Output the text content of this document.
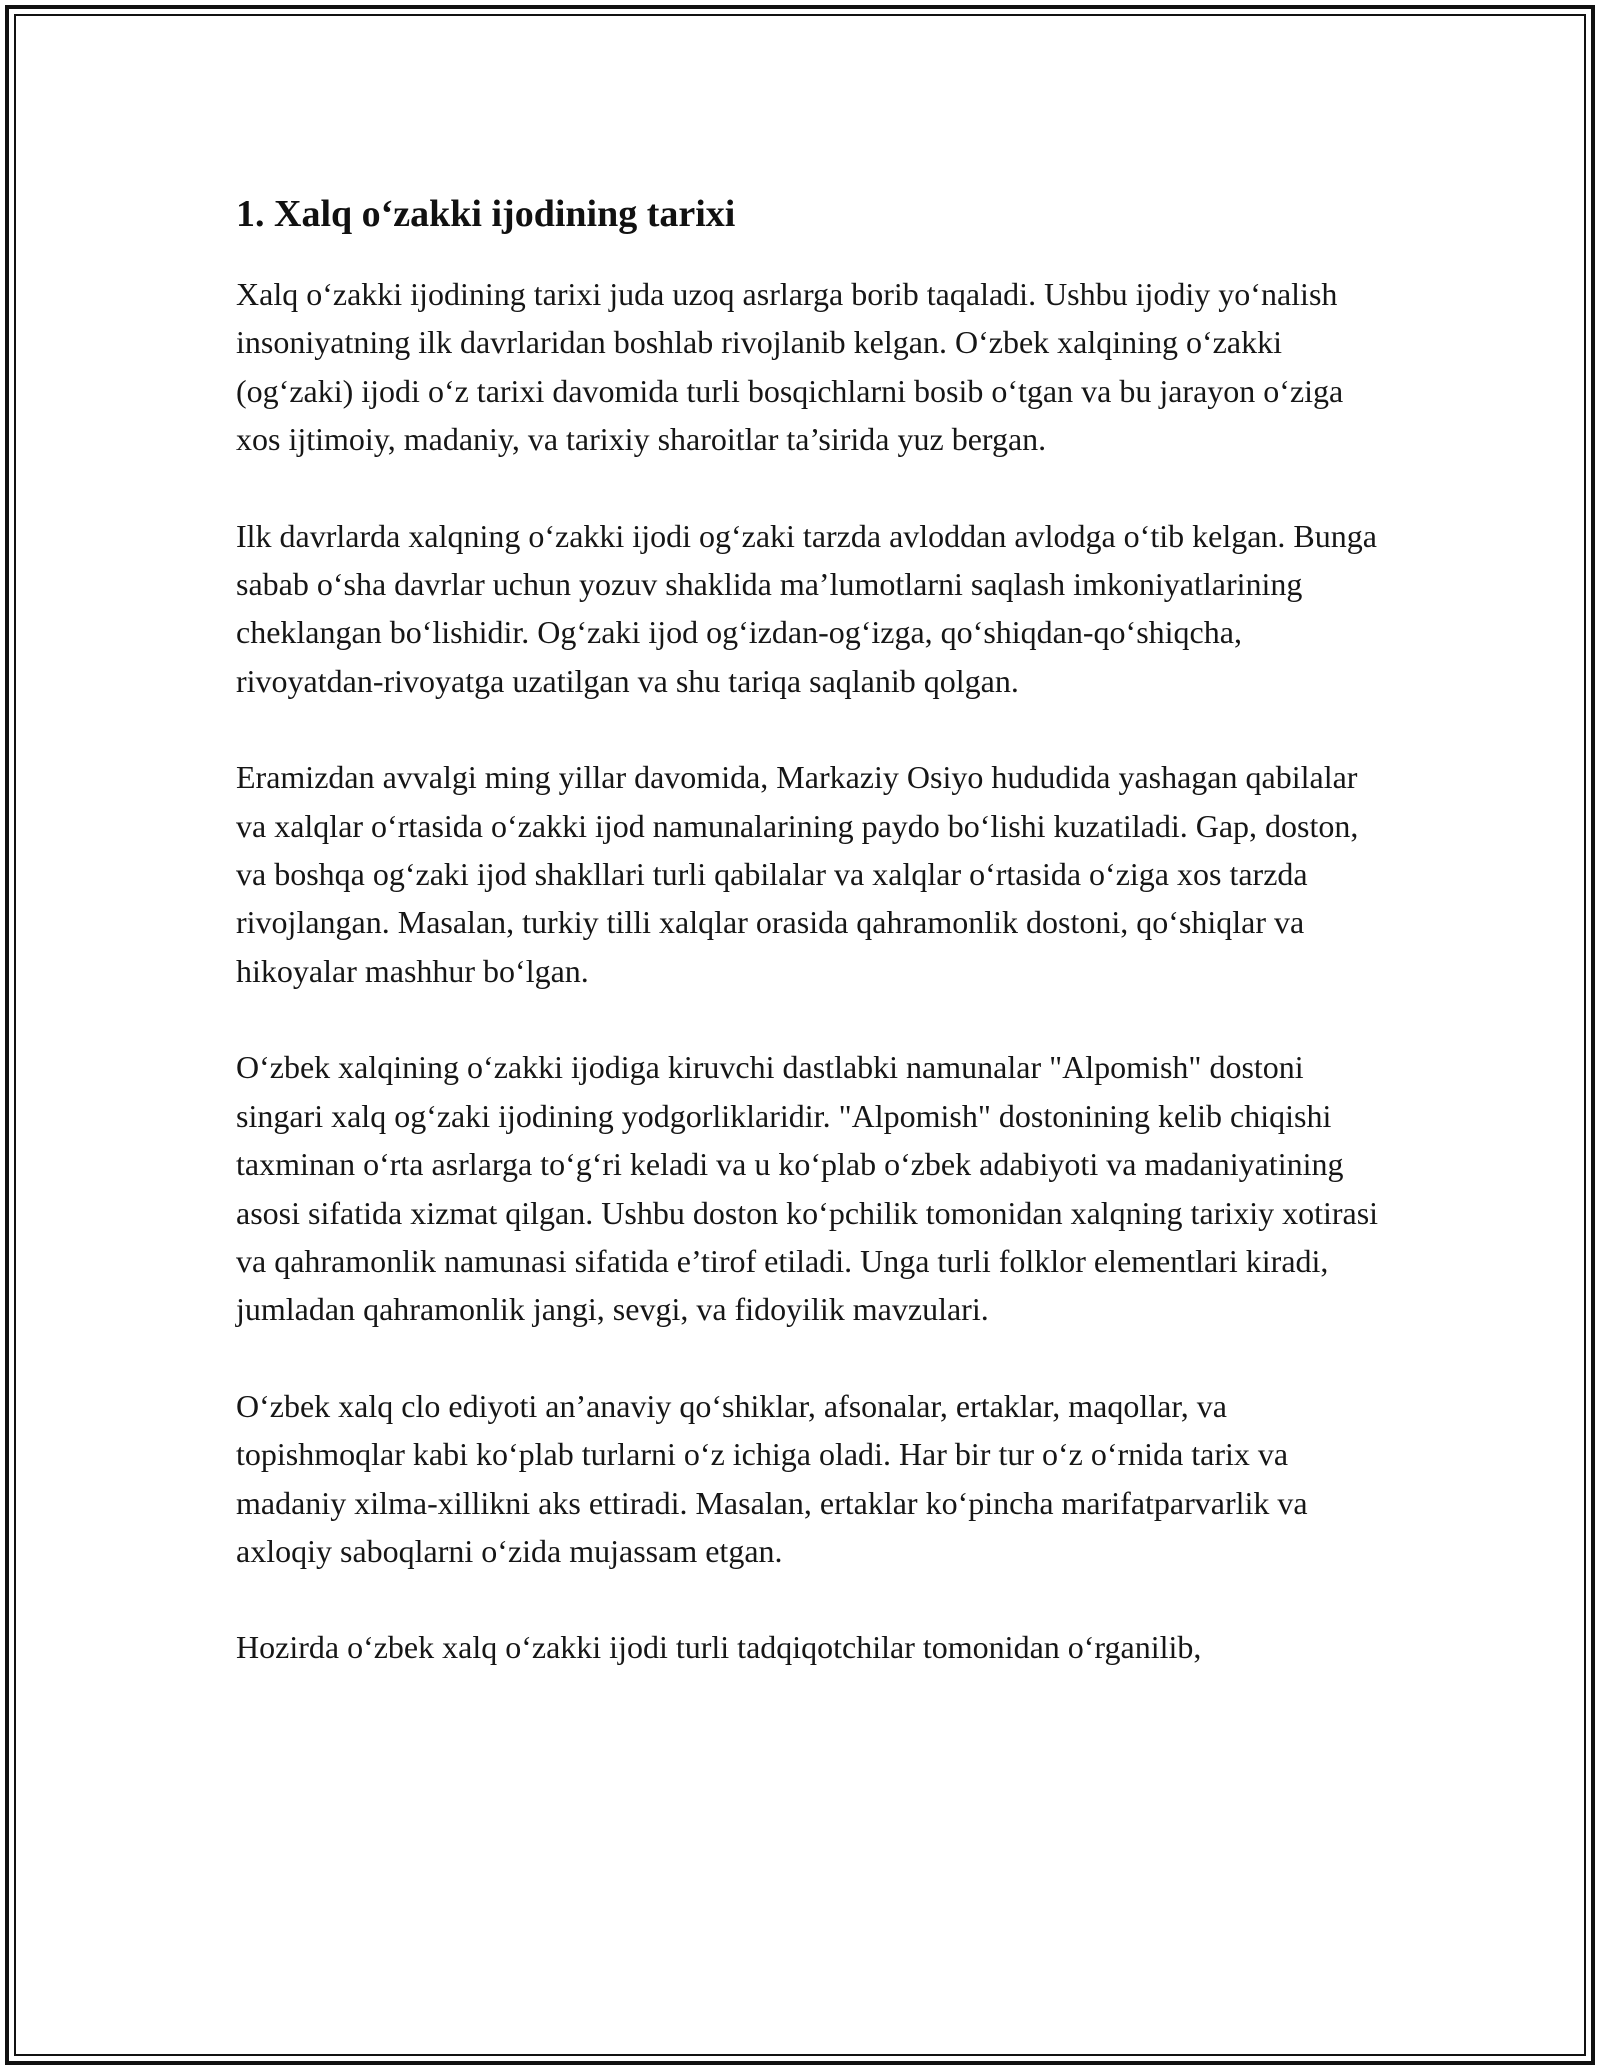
1. Xalq o‘zakki ijodining tarixi

Xalq o‘zakki ijodining tarixi juda uzoq asrlarga borib taqaladi. Ushbu ijodiy yo‘nalish insoniyatning ilk davrlaridan boshlab rivojlanib kelgan. O‘zbek xalqining o‘zakki (og‘zaki) ijodi o‘z tarixi davomida turli bosqichlarni bosib o‘tgan va bu jarayon o‘ziga xos ijtimoiy, madaniy, va tarixiy sharoitlar ta’sirida yuz bergan.

Ilk davrlarda xalqning o‘zakki ijodi og‘zaki tarzda avloddan avlodga o‘tib kelgan. Bunga sabab o‘sha davrlar uchun yozuv shaklida ma’lumotlarni saqlash imkoniyatlarining cheklangan bo‘lishidir. Og‘zaki ijod og‘izdan-og‘izga, qo‘shiqdan-qo‘shiqcha, rivoyatdan-rivoyatga uzatilgan va shu tariqa saqlanib qolgan.

Eramizdan avvalgi ming yillar davomida, Markaziy Osiyo hududida yashagan qabilalar va xalqlar o‘rtasida o‘zakki ijod namunalarining paydo bo‘lishi kuzatiladi. Gap, doston, va boshqa og‘zaki ijod shakllari turli qabilalar va xalqlar o‘rtasida o‘ziga xos tarzda rivojlangan. Masalan, turkiy tilli xalqlar orasida qahramonlik dostoni, qo‘shiqlar va hikoyalar mashhur bo‘lgan.

O‘zbek xalqining o‘zakki ijodiga kiruvchi dastlabki namunalar "Alpomish" dostoni singari xalq og‘zaki ijodining yodgorliklaridir. "Alpomish" dostonining kelib chiqishi taxminan o‘rta asrlarga to‘g‘ri keladi va u ko‘plab o‘zbek adabiyoti va madaniyatining asosi sifatida xizmat qilgan. Ushbu doston ko‘pchilik tomonidan xalqning tarixiy xotirasi va qahramonlik namunasi sifatida e’tirof etiladi. Unga turli folklor elementlari kiradi, jumladan qahramonlik jangi, sevgi, va fidoyilik mavzulari.

O‘zbek xalq clo ediyoti an’anaviy qo‘shiklar, afsonalar, ertaklar, maqollar, va topishmoqlar kabi ko‘plab turlarni o‘z ichiga oladi. Har bir tur o‘z o‘rnida tarix va madaniy xilma-xillikni aks ettiradi. Masalan, ertaklar ko‘pincha marifatparvarlik va axloqiy saboqlarni o‘zida mujassam etgan.

Hozirda o‘zbek xalq o‘zakki ijodi turli tadqiqotchilar tomonidan o‘rganilib,
